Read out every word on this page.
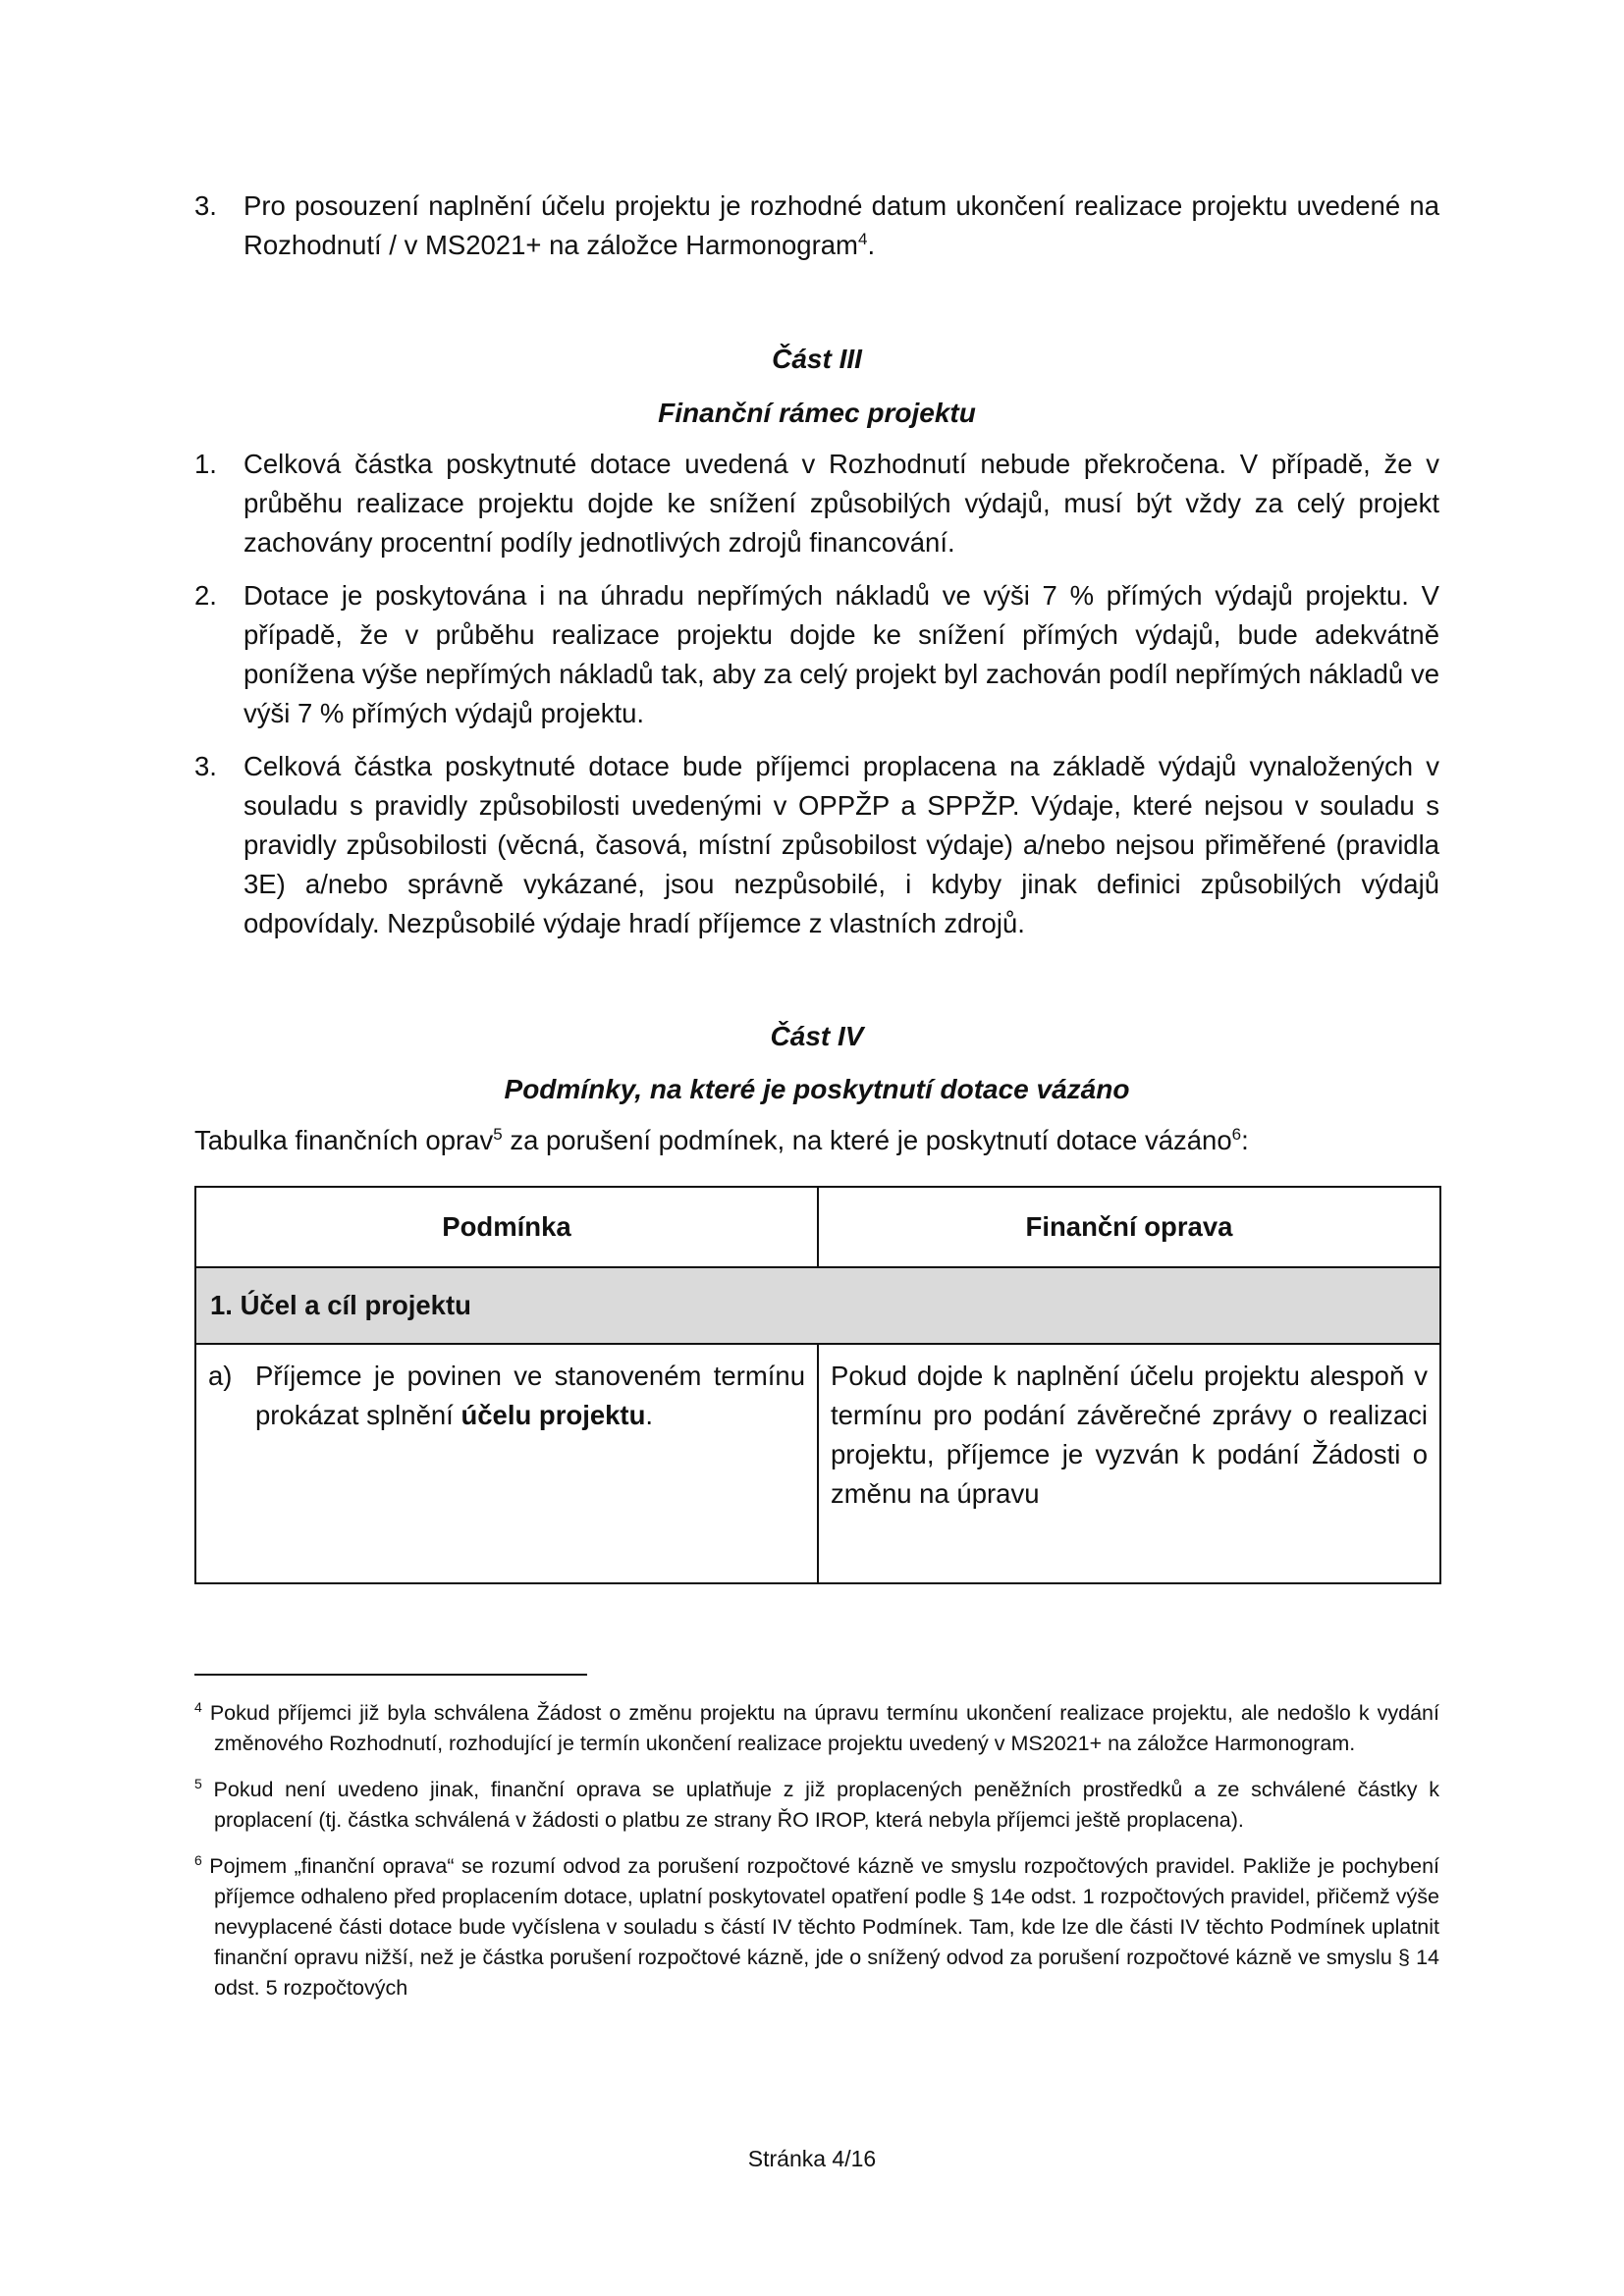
3. Pro posouzení naplnění účelu projektu je rozhodné datum ukončení realizace projektu uvedené na Rozhodnutí / v MS2021+ na záložce Harmonogram$^4$.
Část III
Finanční rámec projektu
1. Celková částka poskytnuté dotace uvedená v Rozhodnutí nebude překročena. V případě, že v průběhu realizace projektu dojde ke snížení způsobilých výdajů, musí být vždy za celý projekt zachovány procentní podíly jednotlivých zdrojů financování.
2. Dotace je poskytována i na úhradu nepřímých nákladů ve výši 7 % přímých výdajů projektu. V případě, že v průběhu realizace projektu dojde ke snížení přímých výdajů, bude adekvátně ponížena výše nepřímých nákladů tak, aby za celý projekt byl zachován podíl nepřímých nákladů ve výši 7 % přímých výdajů projektu.
3. Celková částka poskytnuté dotace bude příjemci proplacena na základě výdajů vynaložených v souladu s pravidly způsobilosti uvedenými v OPPŽP a SPPŽP. Výdaje, které nejsou v souladu s pravidly způsobilosti (věcná, časová, místní způsobilost výdaje) a/nebo nejsou přiměřené (pravidla 3E) a/nebo správně vykázané, jsou nezpůsobilé, i kdyby jinak definici způsobilých výdajů odpovídaly. Nezpůsobilé výdaje hradí příjemce z vlastních zdrojů.
Část IV
Podmínky, na které je poskytnutí dotace vázáno
Tabulka finančních oprav$^5$ za porušení podmínek, na které je poskytnutí dotace vázáno$^6$:
Podmínka	Finanční oprava
1. Účel a cíl projektu	

a) Příjemce je povinen ve stanoveném termínu prokázat splnění účelu projektu.	Pokud dojde k naplnění účelu projektu alespoň v termínu pro podání závěrečné zprávy o realizaci projektu, příjemce je vyzván k podání Žádosti o změnu na úpravu
$^4$ Pokud příjemci již byla schválena Žádost o změnu projektu na úpravu termínu ukončení realizace projektu, ale nedošlo k vydání změnového Rozhodnutí, rozhodující je termín ukončení realizace projektu uvedený v MS2021+ na záložce Harmonogram.
$^5$ Pokud není uvedeno jinak, finanční oprava se uplatňuje z již proplacených peněžních prostředků a ze schválené částky k proplacení (tj. částka schválená v žádosti o platbu ze strany ŘO IROP, která nebyla příjemci ještě proplacena).
$^6$ Pojmem „finanční oprava“ se rozumí odvod za porušení rozpočtové kázně ve smyslu rozpočtových pravidel. Pakliže je pochybení příjemce odhaleno před proplacením dotace, uplatní poskytovatel opatření podle § 14e odst. 1 rozpočtových pravidel, přičemž výše nevyplacené části dotace bude vyčíslena v souladu s částí IV těchto Podmínek. Tam, kde lze dle části IV těchto Podmínek uplatnit finanční opravu nižší, než je částka porušení rozpočtové kázně, jde o snížený odvod za porušení rozpočtové kázně ve smyslu § 14 odst. 5 rozpočtových
Stránka 4/16
